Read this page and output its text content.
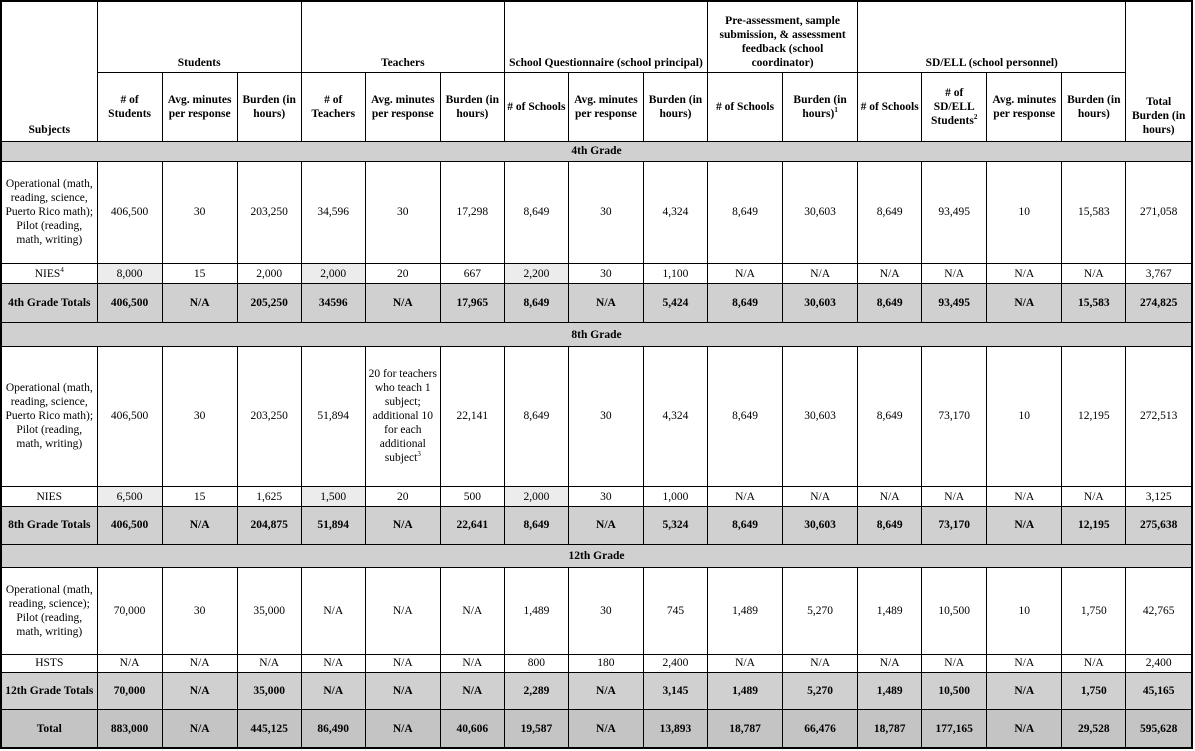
Subjects	Students			Teachers			School Questionnaire (school principal)			Pre-assessment, sample submission, & assessment feedback (school coordinator)		SD/ELL (school personnel)				Total Burden (in hours)
	# of Students	Avg. minutes per response	Burden (in hours)	# of Teachers	Avg. minutes per response	Burden (in hours)	# of Schools	Avg. minutes per response	Burden (in hours)	# of Schools	Burden (in hours)$^1$	# of Schools	# of SD/ELL Students$^2$	Avg. minutes per response	Burden (in hours)	
4th Grade																
Operational (math, reading, science, Puerto Rico math); Pilot (reading, math, writing)	406,500	30	203,250	34,596	30	17,298	8,649	30	4,324	8,649	30,603	8,649	93,495	10	15,583	271,058
NIES$^4$	8,000	15	2,000	2,000	20	667	2,200	30	1,100	N/A	N/A	N/A	N/A	N/A	N/A	3,767
4th Grade Totals	406,500	N/A	205,250	34596	N/A	17,965	8,649	N/A	5,424	8,649	30,603	8,649	93,495	N/A	15,583	274,825
8th Grade																
Operational (math, reading, science, Puerto Rico math); Pilot (reading, math, writing)	406,500	30	203,250	51,894	20 for teachers who teach 1 subject; additional 10 for each additional subject$^3$	22,141	8,649	30	4,324	8,649	30,603	8,649	73,170	10	12,195	272,513
NIES	6,500	15	1,625	1,500	20	500	2,000	30	1,000	N/A	N/A	N/A	N/A	N/A	N/A	3,125
8th Grade Totals	406,500	N/A	204,875	51,894	N/A	22,641	8,649	N/A	5,324	8,649	30,603	8,649	73,170	N/A	12,195	275,638
12th Grade																
Operational (math, reading, science); Pilot (reading, math, writing)	70,000	30	35,000	N/A	N/A	N/A	1,489	30	745	1,489	5,270	1,489	10,500	10	1,750	42,765
HSTS	N/A	N/A	N/A	N/A	N/A	N/A	800	180	2,400	N/A	N/A	N/A	N/A	N/A	N/A	2,400
12th Grade Totals	70,000	N/A	35,000	N/A	N/A	N/A	2,289	N/A	3,145	1,489	5,270	1,489	10,500	N/A	1,750	45,165
Total	883,000	N/A	445,125	86,490	N/A	40,606	19,587	N/A	13,893	18,787	66,476	18,787	177,165	N/A	29,528	595,628
